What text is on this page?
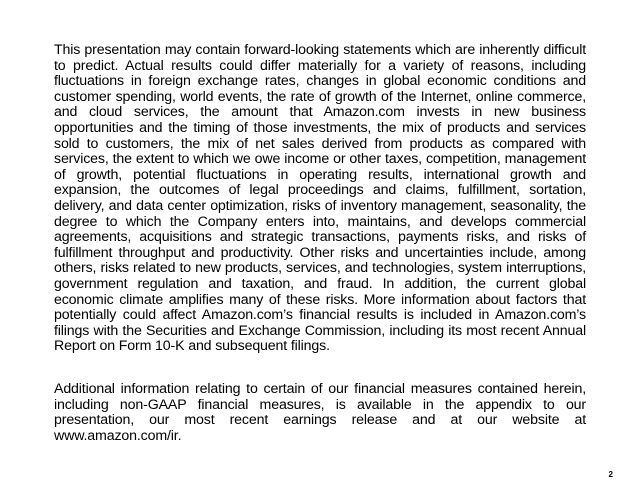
This presentation may contain forward-looking statements which are inherently difficult to predict. Actual results could differ materially for a variety of reasons, including fluctuations in foreign exchange rates, changes in global economic conditions and customer spending, world events, the rate of growth of the Internet, online commerce, and cloud services, the amount that Amazon.com invests in new business opportunities and the timing of those investments, the mix of products and services sold to customers, the mix of net sales derived from products as compared with services, the extent to which we owe income or other taxes, competition, management of growth, potential fluctuations in operating results, international growth and expansion, the outcomes of legal proceedings and claims, fulfillment, sortation, delivery, and data center optimization, risks of inventory management, seasonality, the degree to which the Company enters into, maintains, and develops commercial agreements, acquisitions and strategic transactions, payments risks, and risks of fulfillment throughput and productivity. Other risks and uncertainties include, among others, risks related to new products, services, and technologies, system interruptions, government regulation and taxation, and fraud. In addition, the current global economic climate amplifies many of these risks. More information about factors that potentially could affect Amazon.com’s financial results is included in Amazon.com’s filings with the Securities and Exchange Commission, including its most recent Annual Report on Form 10-K and subsequent filings.

Additional information relating to certain of our financial measures contained herein, including non-GAAP financial measures, is available in the appendix to our presentation, our most recent earnings release and at our website at www.amazon.com/ir.

2
